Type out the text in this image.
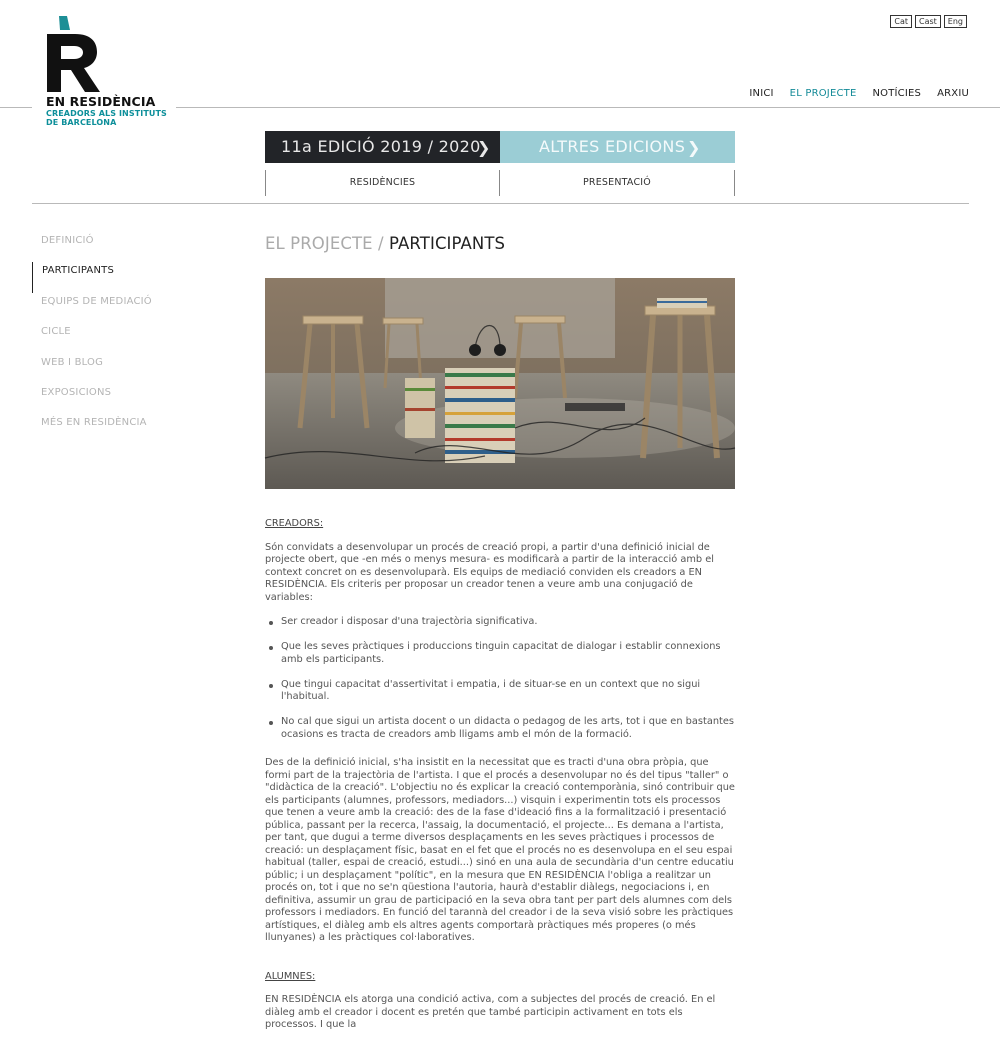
EN RESIDÈNCIA
CREADORS ALS INSTITUTS
DE BARCELONA
Cat	Cast	Eng
INICI EL PROJECTE NOTÍCIES ARXIU
11a EDICIÓ 2019 / 2020
❯	ALTRES EDICIONS ❯
RESIDÈNCIES	PRESENTACIÓ
DEFINICIÓ
PARTICIPANTS
EQUIPS DE MEDIACIÓ
CICLE
WEB I BLOG
EXPOSICIONS
MÉS EN RESIDÈNCIA
EL PROJECTE / PARTICIPANTS
CREADORS:

Són convidats a desenvolupar un procés de creació propi, a partir d'una definició inicial de projecte obert, que -en més o menys mesura- es modificarà a partir de la interacció amb el context concret on es desenvoluparà. Els equips de mediació conviden els creadors a EN RESIDÈNCIA. Els criteris per proposar un creador tenen a veure amb una conjugació de variables:

Ser creador i disposar d'una trajectòria significativa.
Que les seves pràctiques i produccions tinguin capacitat de dialogar i establir connexions amb els participants.
Que tingui capacitat d'assertivitat i empatia, i de situar-se en un context que no sigui l'habitual.
No cal que sigui un artista docent o un didacta o pedagog de les arts, tot i que en bastantes ocasions es tracta de creadors amb lligams amb el món de la formació.

Des de la definició inicial, s'ha insistit en la necessitat que es tracti d'una obra pròpia, que formi part de la trajectòria de l'artista. I que el procés a desenvolupar no és del tipus "taller" o "didàctica de la creació". L'objectiu no és explicar la creació contemporània, sinó contribuir que els participants (alumnes, professors, mediadors...) visquin i experimentin tots els processos que tenen a veure amb la creació: des de la fase d'ideació fins a la formalització i presentació pública, passant per la recerca, l'assaig, la documentació, el projecte... Es demana a l'artista, per tant, que dugui a terme diversos desplaçaments en les seves pràctiques i processos de creació: un desplaçament físic, basat en el fet que el procés no es desenvolupa en el seu espai habitual (taller, espai de creació, estudi...) sinó en una aula de secundària d'un centre educatiu públic; i un desplaçament "polític", en la mesura que EN RESIDÈNCIA l'obliga a realitzar un procés on, tot i que no se'n qüestiona l'autoria, haurà d'establir diàlegs, negociacions i, en definitiva, assumir un grau de participació en la seva obra tant per part dels alumnes com dels professors i mediadors. En funció del tarannà del creador i de la seva visió sobre les pràctiques artístiques, el diàleg amb els altres agents comportarà pràctiques més properes (o més llunyanes) a les pràctiques col·laboratives.

ALUMNES:

EN RESIDÈNCIA els atorga una condició activa, com a subjectes del procés de creació. En el diàleg amb el creador i docent es pretén que també participin activament en tots els processos. I que la
